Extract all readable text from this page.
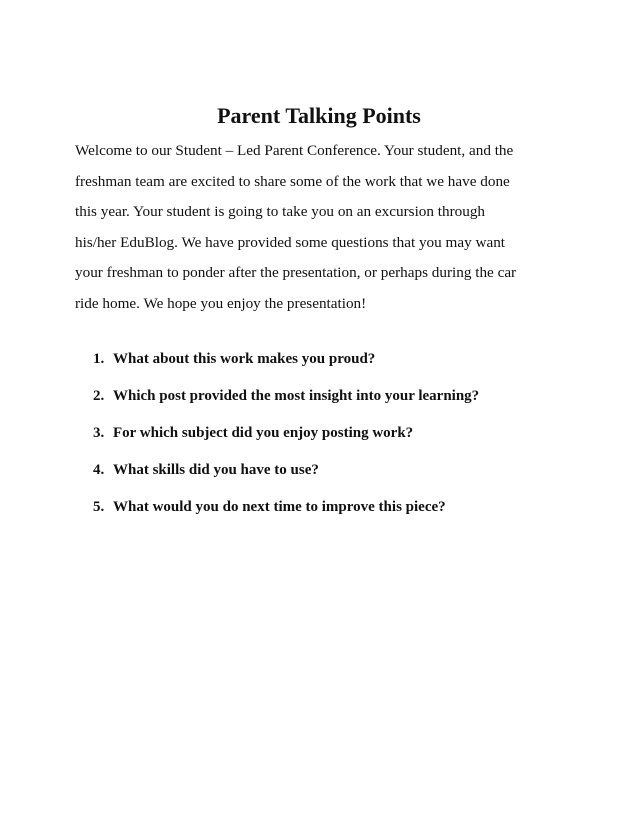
Parent Talking Points

Welcome to our Student – Led Parent Conference. Your student, and the
freshman team are excited to share some of the work that we have done
this year. Your student is going to take you on an excursion through
his/her EduBlog. We have provided some questions that you may want
your freshman to ponder after the presentation, or perhaps during the car
ride home. We hope you enjoy the presentation!

1. What about this work makes you proud?
2. Which post provided the most insight into your learning?
3. For which subject did you enjoy posting work?
4. What skills did you have to use?
5. What would you do next time to improve this piece?
